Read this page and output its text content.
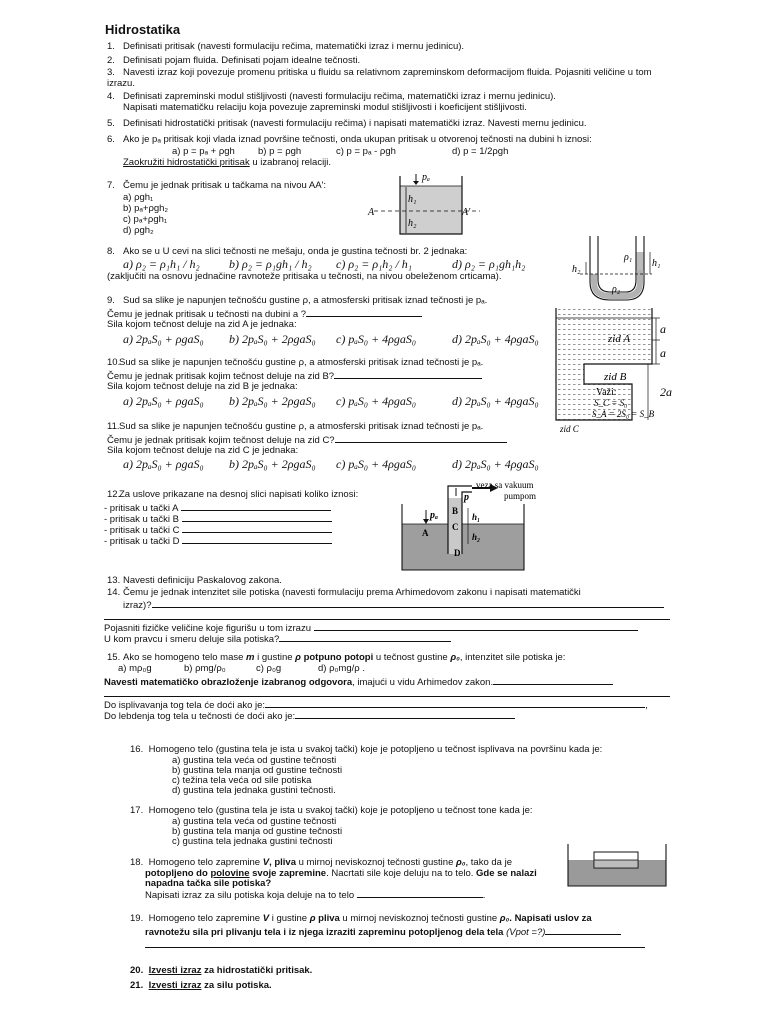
Hidrostatika
1. Definisati pritisak (navesti formulaciju rečima, matematički izraz i mernu jedinicu).
2. Definisati pojam fluida. Definisati pojam idealne tečnosti.
3. Navesti izraz koji povezuje promenu pritiska u fluidu sa relativnom zapreminskom deformacijom fluida. Pojasniti veličine u tom izrazu.
4. Definisati zapreminski modul stišljivosti (navesti formulaciju rečima, matematički izraz i mernu jedinicu).
Napisati matematičku relaciju koja povezuje zapreminski modul stišljivosti i koeficijent stišljivosti.
5. Definisati hidrostatički pritisak (navesti formulaciju rečima) i napisati matematički izraz. Navesti mernu jedinicu.
6. Ako je pₐ pritisak koji vlada iznad površine tečnosti, onda ukupan pritisak u otvorenoj tečnosti na dubini h iznosi:
a) p = pₐ + ρgh b) p = ρgh	c) p = pₐ - ρgh	d) p = 1/2ρgh
Zaokružiti hidrostatički pritisak u izabranoj relaciji.
7. Čemu je jednak pritisak u tačkama na nivou AA':
a) ρgh₁
b) pₐ+ρgh₂
c) pₐ+ρgh₁
d) ρgh₂
pₐ
A	A'
h₁
h₂
8. Ako se u U cevi na slici tečnosti ne mešaju, onda je gustina tečnosti br. 2 jednaka:
a) ρ₂ = ρ₁h₁ / h₂ b) ρ₂ = ρ₁gh₁ / h₂ c) ρ₂ = ρ₁h₂ / h₁	d) ρ₂ = ρ₁gh₁h₂
(zaključiti na osnovu jednačine ravnoteže pritisaka u tečnosti, na nivou obeleženom crticama).
ρ₁
ρ₂
h₁
h₂
9. Sud sa slike je napunjen tečnošću gustine ρ, a atmosferski pritisak iznad tečnosti je pₐ.
Čemu je jednak pritisak u tečnosti na dubini a ?
Sila kojom tečnost deluje na zid A je jednaka:
a) 2pₐS₀ + ρgaS₀ b) 2pₐS₀ + 2ρgaS₀ c) pₐS₀ + 4ρgaS₀	d) 2pₐS₀ + 4ρgaS₀
10.Sud sa slike je napunjen tečnošću gustine ρ, a atmosferski pritisak iznad tečnosti je pₐ.
Čemu je jednak pritisak kojim tečnost deluje na zid B?
Sila kojom tečnost deluje na zid B je jednaka:
a) 2pₐS₀ + ρgaS₀ b) 2pₐS₀ + 2ρgaS₀ c) pₐS₀ + 4ρgaS₀	d) 2pₐS₀ + 4ρgaS₀
11.Sud sa slike je napunjen tečnošću gustine ρ, a atmosferski pritisak iznad tečnosti je pₐ.
Čemu je jednak pritisak kojim tečnost deluje na zid C?
Sila kojom tečnost deluje na zid C je jednaka:
a) 2pₐS₀ + ρgaS₀ b) 2pₐS₀ + 2ρgaS₀ c) pₐS₀ + 4ρgaS₀	d) 2pₐS₀ + 4ρgaS₀
zid A
a
a
zid B
2a
Važi:
S_C = S₀
S_A = 2S₀ = S_B
zid C
12.Za uslove prikazane na desnoj slici napisati koliko iznosi:
- pritisak u tački A
- pritisak u tački B
- pritisak u tački C
- pritisak u tački D
veza sa vakuum
pumpom
p
pₐ
A
B
C
D
h₁
h₂
13. Navesti definiciju Paskalovog zakona.
14. Čemu je jednak intenzitet sile potiska (navesti formulaciju prema Arhimedovom zakonu i napisati matematički
izraz)?
Pojasniti fizičke veličine koje figurišu u tom izrazu
U kom pravcu i smeru deluje sila potiska?
15. Ako se homogeno telo mase m i gustine ρ potpuno potopi u tečnost gustine ρ₀, intenzitet sile potiska je:
a) mρ₀g	b) ρmg/ρ₀	c) ρ₀g	d) ρ₀mg/ρ .
Navesti matematičko obrazloženje izabranog odgovora, imajući u vidu Arhimedov zakon.
Do isplivavanja tog tela će doći ako je:	,
Do lebdenja tog tela u tečnosti će doći ako je:
16. Homogeno telo (gustina tela je ista u svakoj tački) koje je potopljeno u tečnost isplivava na površinu kada je:
a) gustina tela veća od gustine tečnosti
b) gustina tela manja od gustine tečnosti
c) težina tela veća od sile potiska
d) gustina tela jednaka gustini tečnosti.
17. Homogeno telo (gustina tela je ista u svakoj tački) koje je potopljeno u tečnost tone kada je:
a) gustina tela veća od gustine tečnosti
b) gustina tela manja od gustine tečnosti
c) gustina tela jednaka gustini tečnosti
18. Homogeno telo zapremine V, pliva u mirnoj neviskoznoj tečnosti gustine ρ₀, tako da je
potopljeno do polovine svoje zapremine. Nacrtati sile koje deluju na to telo. Gde se nalazi
napadna tačka sile potiska?
Napisati izraz za silu potiska koja deluje na to telo	.
19. Homogeno telo zapremine V i gustine ρ pliva u mirnoj neviskoznoj tečnosti gustine ρ₀. Napisati uslov za
ravnotežu sila pri plivanju tela i iz njega izraziti zapreminu potopljenog dela tela (Vpot =?)
20. Izvesti izraz za hidrostatički pritisak.
21. Izvesti izraz za silu potiska.
